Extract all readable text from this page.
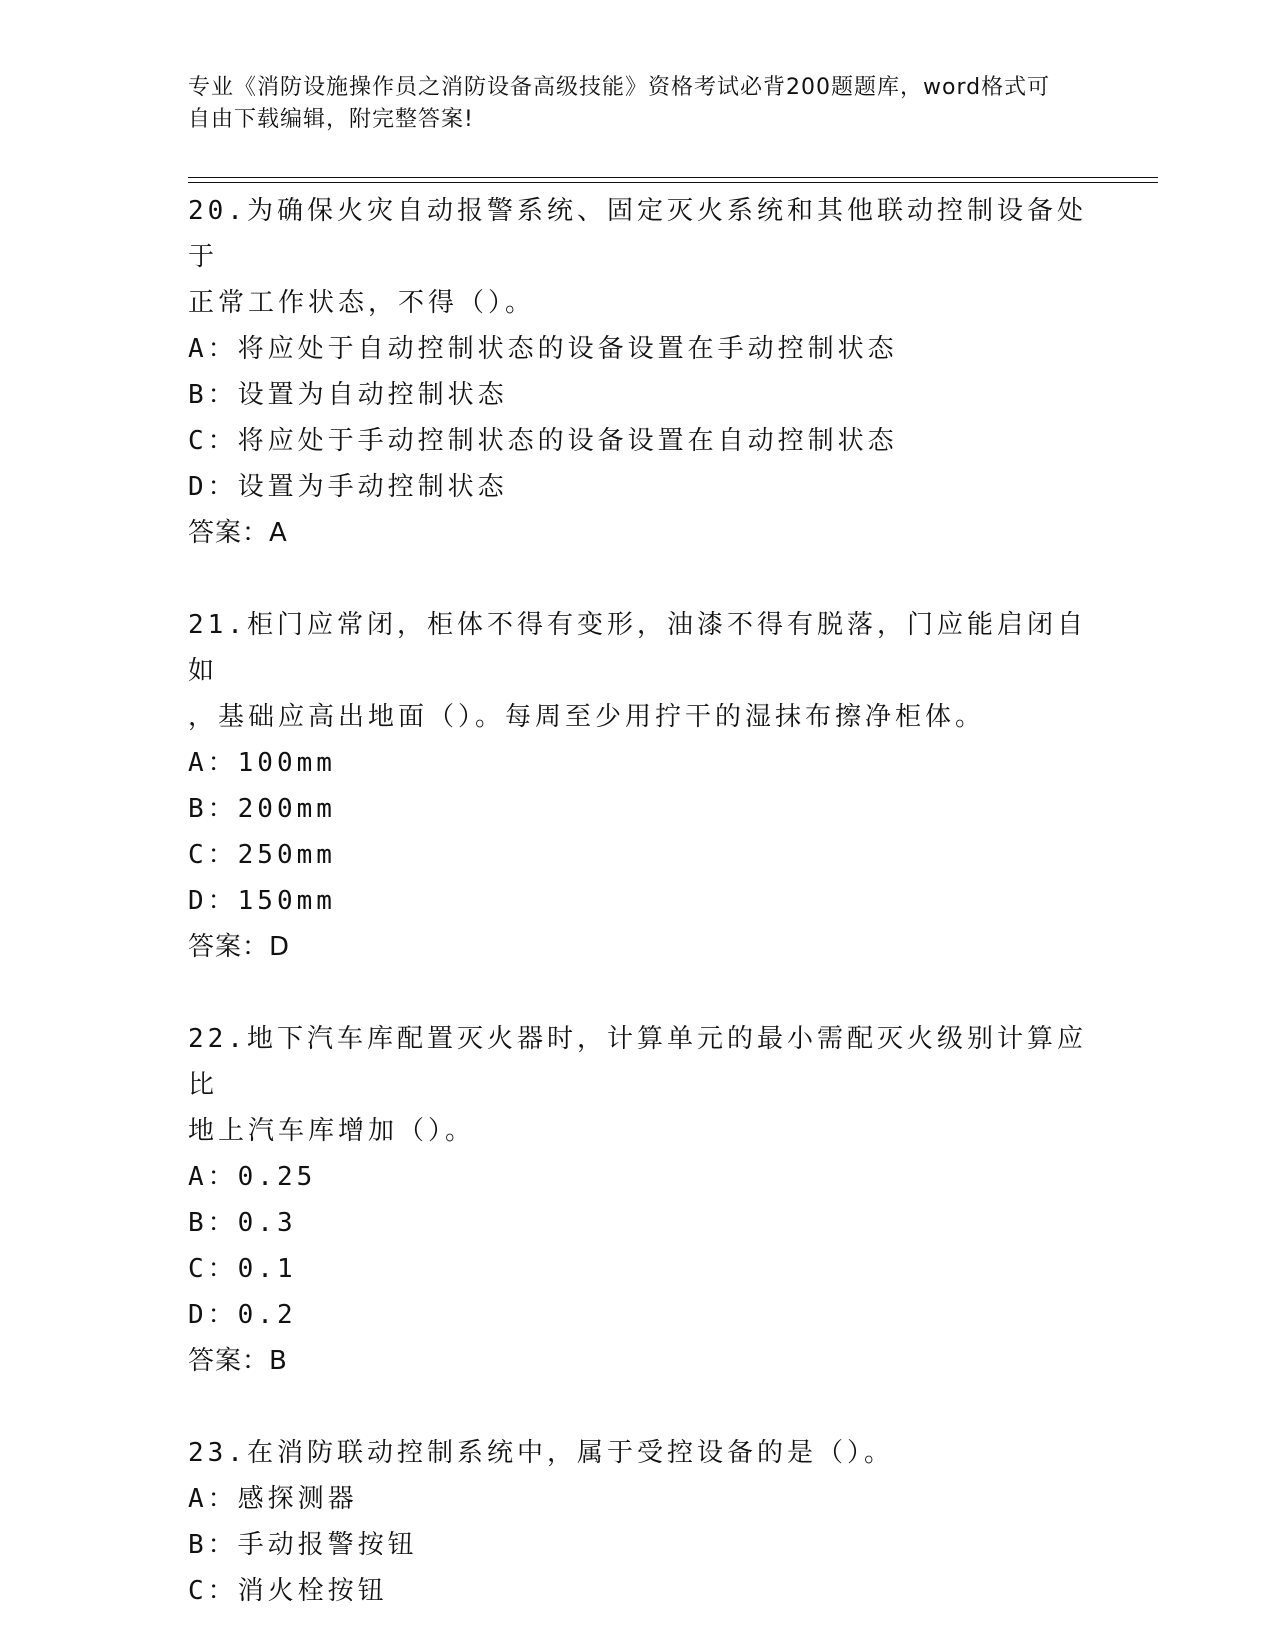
专业《消防设施操作员之消防设备高级技能》资格考试必背200题题库，word格式可自由下载编辑，附完整答案!

20.为确保火灾自动报警系统、固定灭火系统和其他联动控制设备处于

正常工作状态，不得（）。

A：将应处于自动控制状态的设备设置在手动控制状态

B：设置为自动控制状态

C：将应处于手动控制状态的设备设置在自动控制状态

D：设置为手动控制状态

答案：A

21.柜门应常闭，柜体不得有变形，油漆不得有脱落，门应能启闭自如

，基础应高出地面（）。每周至少用拧干的湿抹布擦净柜体。

A：100mm

B：200mm

C：250mm

D：150mm

答案：D

22.地下汽车库配置灭火器时，计算单元的最小需配灭火级别计算应比

地上汽车库增加（）。

A：0.25

B：0.3

C：0.1

D：0.2

答案：B

23.在消防联动控制系统中，属于受控设备的是（）。

A：感探测器

B：手动报警按钮

C：消火栓按钮
